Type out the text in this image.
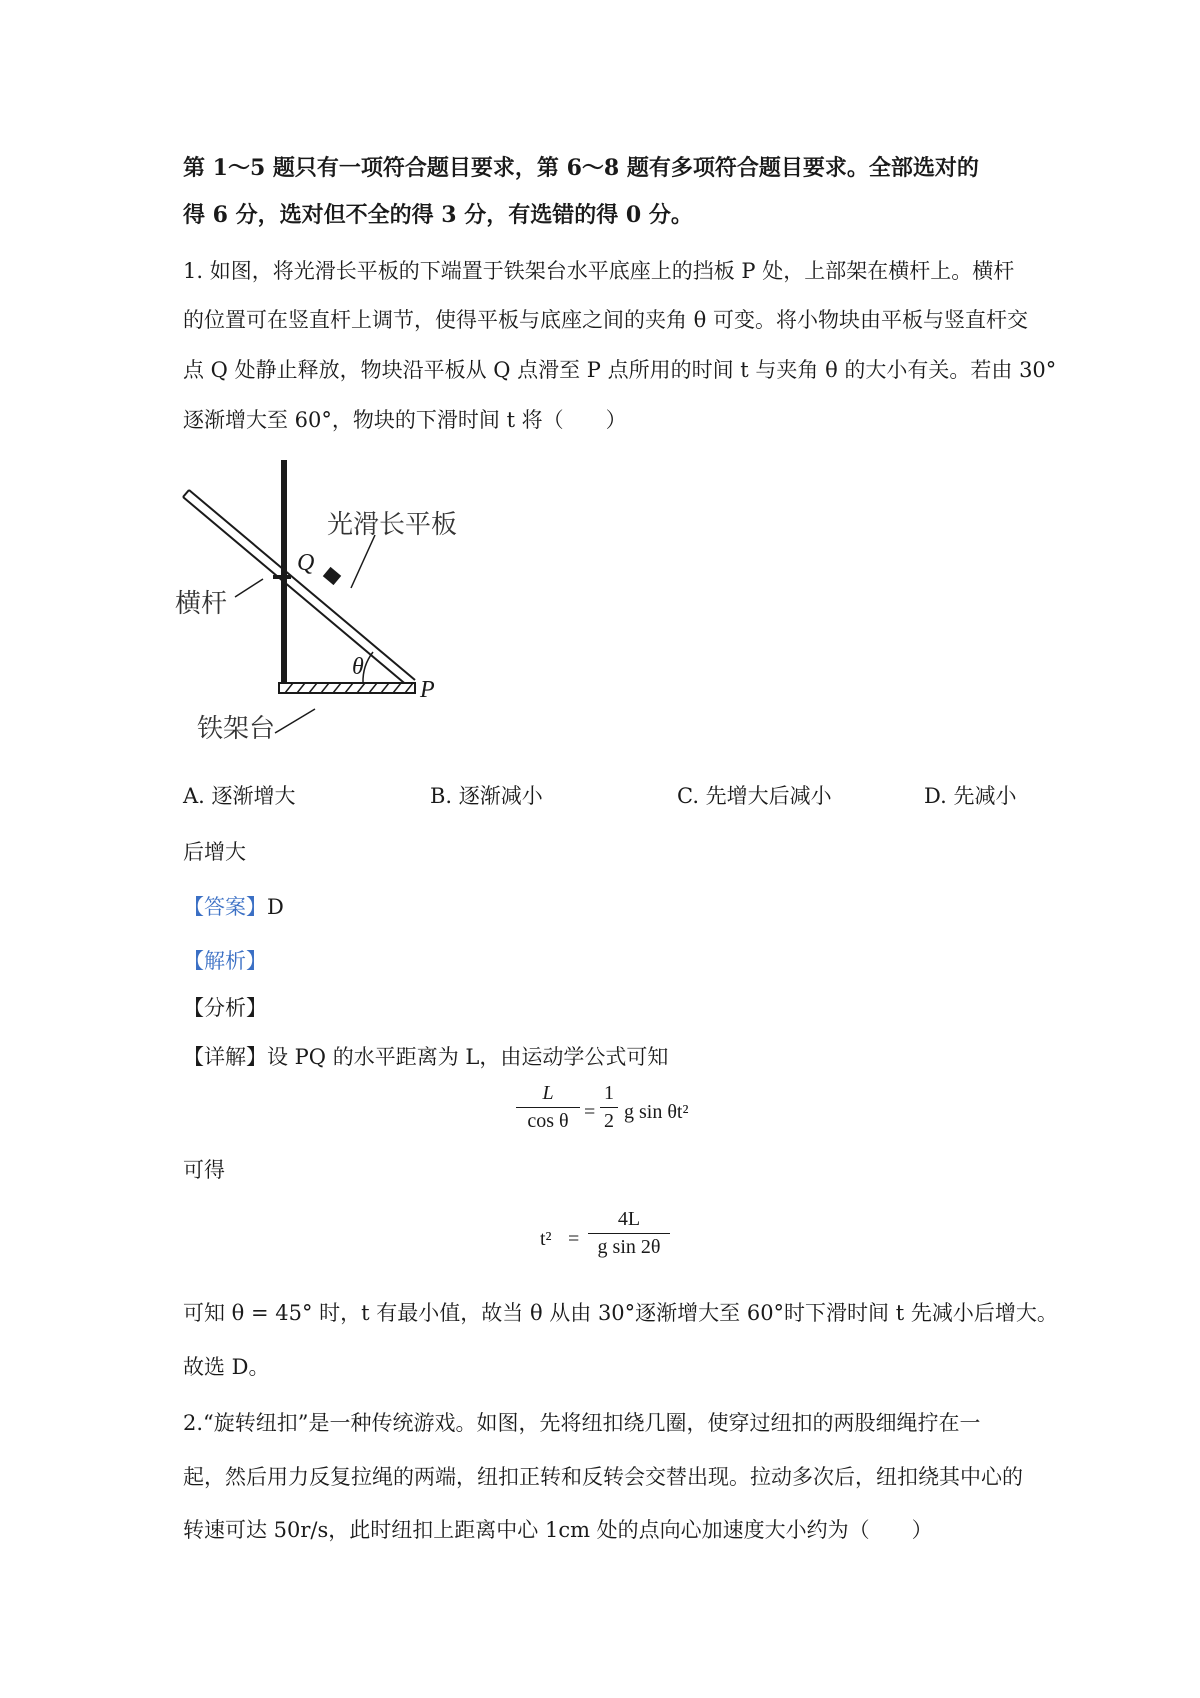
第 1～5 题只有一项符合题目要求，第 6～8 题有多项符合题目要求。全部选对的
得 6 分，选对但不全的得 3 分，有选错的得 0 分。
1. 如图，将光滑长平板的下端置于铁架台水平底座上的挡板 P 处，上部架在横杆上。横杆
的位置可在竖直杆上调节，使得平板与底座之间的夹角 θ 可变。将小物块由平板与竖直杆交
点 Q 处静止释放，物块沿平板从 Q 点滑至 P 点所用的时间 t 与夹角 θ 的大小有关。若由 30°
逐渐增大至 60°，物块的下滑时间 t 将（　　）
光滑长平板
横杆
铁架台
Q
P
θ
A. 逐渐增大	B. 逐渐减小	C. 先增大后减小	D. 先减小
后增大
【答案】D
【解析】
【分析】
【详解】设 PQ 的水平距离为 L，由运动学公式可知
L
cos θ =
1
2 g sin θt²
可得
t² =
4L
g sin 2θ
可知 θ = 45° 时，t 有最小值，故当 θ 从由 30°逐渐增大至 60°时下滑时间 t 先减小后增大。
故选 D。
2.“旋转纽扣”是一种传统游戏。如图，先将纽扣绕几圈，使穿过纽扣的两股细绳拧在一
起，然后用力反复拉绳的两端，纽扣正转和反转会交替出现。拉动多次后，纽扣绕其中心的
转速可达 50r/s，此时纽扣上距离中心 1cm 处的点向心加速度大小约为（　　）
